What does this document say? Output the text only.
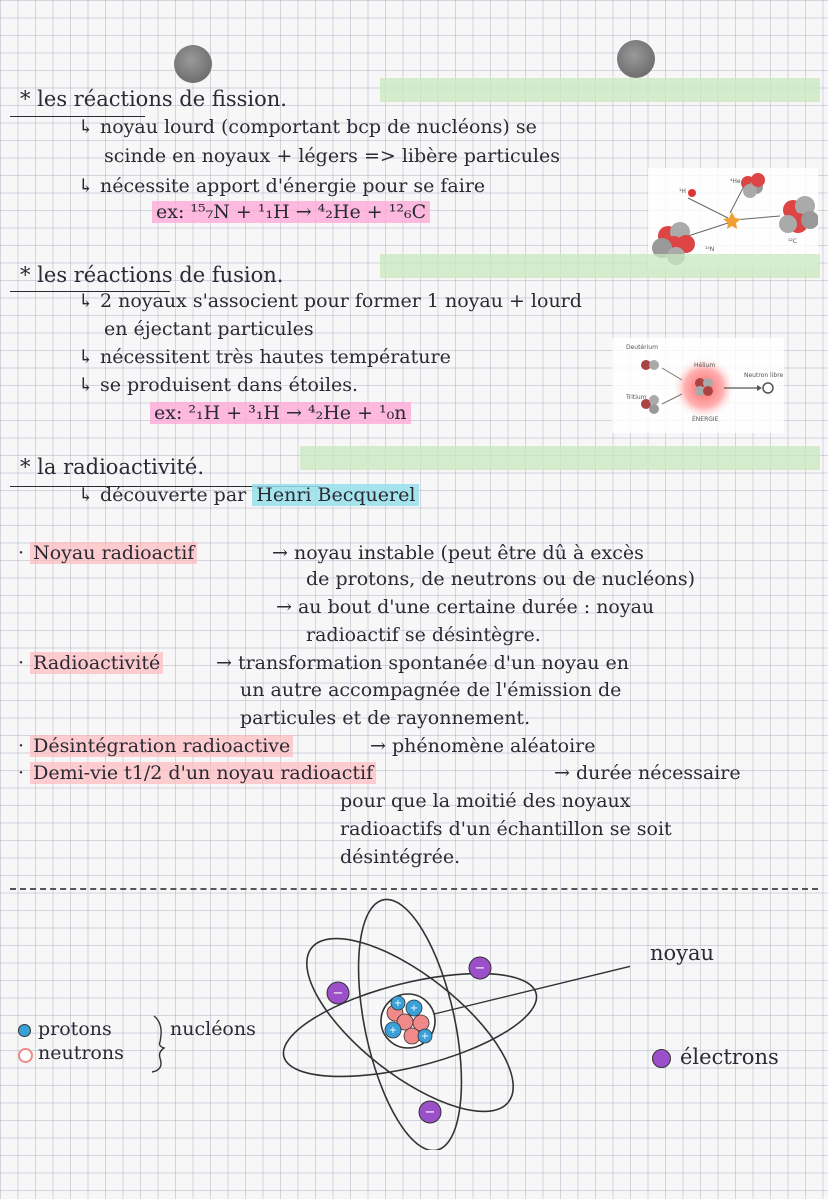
* les réactions de fission.
↳ noyau lourd (comportant bcp de nucléons) se
scinde en noyaux + légers => libère particules
↳ nécessite apport d'énergie pour se faire
ex: ¹⁵₇N + ¹₁H → ⁴₂He + ¹²₆C
¹H
⁴He
¹⁵N
¹²C
* les réactions de fusion.
↳ 2 noyaux s'associent pour former 1 noyau + lourd
en éjectant particules
↳ nécessitent très hautes température
↳ se produisent dans étoiles.
ex: ²₁H + ³₁H → ⁴₂He + ¹₀n
Deutérium
Tritium
Hélium
Neutron libre
ÉNERGIE
* la radioactivité.
↳ découverte par Henri Becquerel
· Noyau radioactif	→ noyau instable (peut être dû à excès
de protons, de neutrons ou de nucléons)
→ au bout d'une certaine durée : noyau
radioactif se désintègre.
· Radioactivité	→ transformation spontanée d'un noyau en
un autre accompagnée de l'émission de
particules et de rayonnement.
· Désintégration radioactive	→ phénomène aléatoire
· Demi-vie t1/2 d'un noyau radioactif	→ durée nécessaire
pour que la moitié des noyaux
radioactifs d'un échantillon se soit
désintégrée.
+
+
+
+
−
−
−
protons
neutrons
nucléons
noyau
électrons
